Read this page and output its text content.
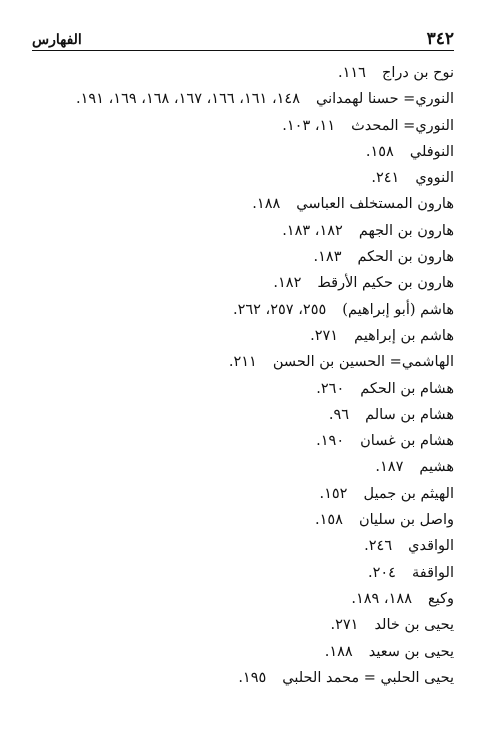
٣٤٢
الفهارس
نوح بن دراج
١١٦.
النوري= حسنا لهمداني
١٤٨، ١٦١، ١٦٦، ١٦٧، ١٦٨، ١٦٩، ١٩١.
النوري= المحدث
١١، ١٠٣.
النوفلي
١٥٨.
النووي
٢٤١.
هارون المستخلف العباسي
١٨٨.
هارون بن الجهم
١٨٢، ١٨٣.
هارون بن الحكم
١٨٣.
هارون بن حكيم الأرقط
١٨٢.
هاشم (أبو إبراهيم)
٢٥٥، ٢٥٧، ٢٦٢.
هاشم بن إبراهيم
٢٧١.
الهاشمي= الحسين بن الحسن
٢١١.
هشام بن الحكم
٢٦٠.
هشام بن سالم
٩٦.
هشام بن غسان
١٩٠.
هشيم
١٨٧.
الهيثم بن جميل
١٥٢.
واصل بن سليان
١٥٨.
الواقدي
٢٤٦.
الواقفة
٢٠٤.
وكيع
١٨٨، ١٨٩.
يحيى بن خالد
٢٧١.
يحيى بن سعيد
١٨٨.
يحيى الحلبي = محمد الحلبي
١٩٥.
